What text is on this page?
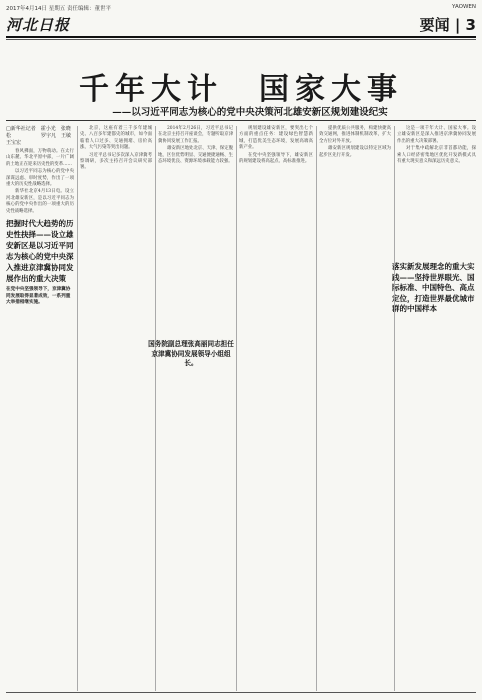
2017年4月14日 星期五 责任编辑：董世平	YAOWEN
河北日报	要闻 | 3
千年大计　国家大事
——以习近平同志为核心的党中央决策河北雄安新区规划建设纪实
□新华社记者　霍小光　张晓松　　　　　　罗宇凡　王敏　王宝宏

春风拂面，万物萌动。在太行山东麓、华北平原中部，一片广阔的土地正在迎来历史性的变革……

以习近平同志为核心的党中央深谋远虑、审时度势，作出了一项重大的历史性战略选择。

新华社北京4月13日电。设立河北雄安新区，是以习近平同志为核心的党中央作出的一项重大的历史性战略选择。

把握时代大趋势的历史性抉择——设立雄安新区是以习近平同志为核心的党中央深入推进京津冀协同发展作出的重大决策
在党中央坚强领导下，京津冀协同发展取得显著成效，一系列重大举措相继实施。

北京，这座有着三千多年建城史、八百多年建都史的城市，如今面临着人口过多、交通拥堵、房价高涨、大气污染等突出问题。

习近平总书记多次深入京津冀考察调研，多次主持召开会议研究部署。

2014年2月26日，习近平总书记在北京主持召开座谈会，专题听取京津冀协同发展工作汇报。

雄安新区地处北京、天津、保定腹地，区位优势明显、交通便捷通畅、生态环境优良、资源环境承载能力较强。

国务院副总理张高丽同志担任京津冀协同发展领导小组组长。

规划建设雄安新区，要突出七个方面的重点任务：建设绿色智慧新城，打造优美生态环境，发展高端高新产业。

在党中央坚强领导下，雄安新区的规划建设将高起点、高标准推进。

提供优质公共服务，构建快捷高效交通网，推进体制机制改革，扩大全方位对外开放。

雄安新区规划建设以特定区域为起步区先行开发。

落实新发展理念的重大实践——坚持世界眼光、国际标准、中国特色、高点定位，打造世界最优城市群的中国样本

这是一项千年大计、国家大事。设立雄安新区是深入推进京津冀协同发展作出的重大决策部署。

对于集中疏解北京非首都功能，探索人口经济密集地区优化开发新模式具有重大现实意义和深远历史意义。
